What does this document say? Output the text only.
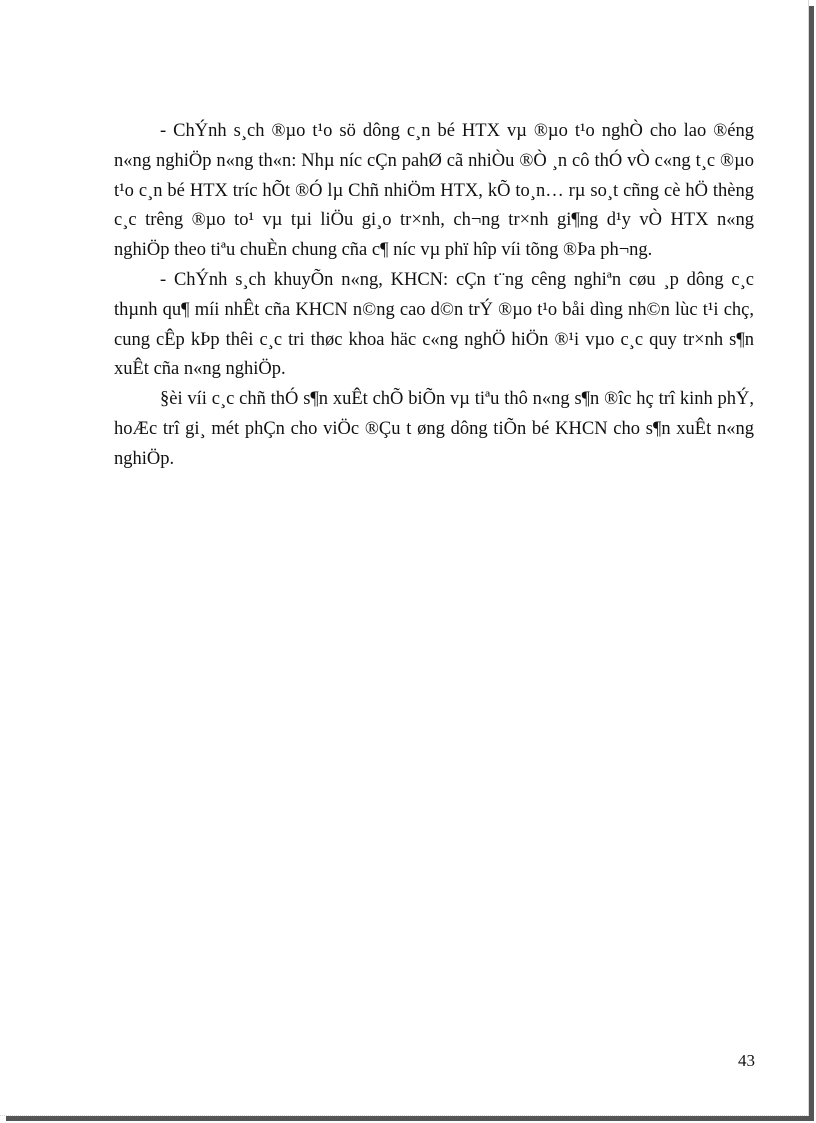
- ChÝnh s¸ch ®µo t¹o sö dông c¸n bé HTX vµ ®µo t¹o nghÒ cho lao ®éng n«ng nghiÖp n«ng th«n: Nhµ níc cÇn pahØ cã nhiÒu ®Ò ¸n cô thÓ vÒ c«ng t¸c ®µo t¹o c¸n bé HTX tríc hÕt ®Ó lµ Chñ nhiÖm HTX, kÕ to¸n… rµ so¸t cñng cè hÖ thèng c¸c trêng ®µo to¹ vµ tµi liÖu gi¸o tr×nh, ch¬ng tr×nh gi¶ng d¹y vÒ HTX n«ng nghiÖp theo tiªu chuÈn chung cña c¶ níc vµ phï hîp víi tõng ®Þa ph¬ng.

- ChÝnh s¸ch khuyÕn n«ng, KHCN: cÇn t¨ng cêng nghiªn cøu ¸p dông c¸c thµnh qu¶ míi nhÊt cña KHCN n©ng cao d©n trÝ ®µo t¹o båi dìng nh©n lùc t¹i chç, cung cÊp kÞp thêi c¸c tri thøc khoa häc c«ng nghÖ hiÖn ®¹i vµo c¸c quy tr×nh s¶n xuÊt cña n«ng nghiÖp.

§èi víi c¸c chñ thÓ s¶n xuÊt chÕ biÕn vµ tiªu thô n«ng s¶n ®îc hç trî kinh phÝ, hoÆc trî gi¸ mét phÇn cho viÖc ®Çu t øng dông tiÕn bé KHCN cho s¶n xuÊt n«ng nghiÖp.

43
